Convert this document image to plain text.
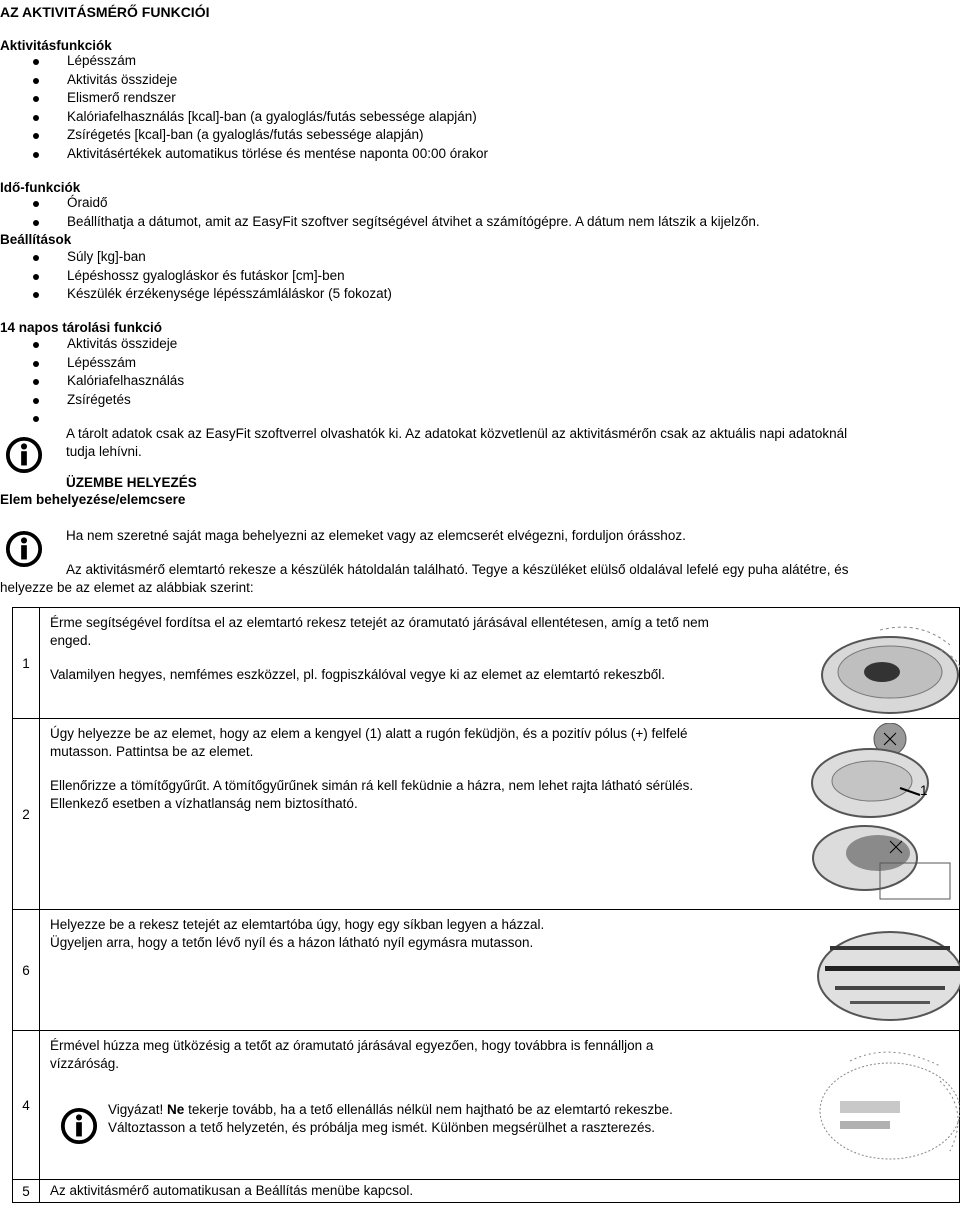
AZ AKTIVITÁSMÉRŐ FUNKCIÓI
Aktivitásfunkciók
Lépésszám
Aktivitás összideje
Elismerő rendszer
Kalóriafelhasználás [kcal]-ban (a gyaloglás/futás sebessége alapján)
Zsírégetés [kcal]-ban (a gyaloglás/futás sebessége alapján)
Aktivitásértékek automatikus törlése és mentése naponta 00:00 órakor
Idő-funkciók
Óraidő
Beállíthatja a dátumot, amit az EasyFit szoftver segítségével átvihet a számítógépre. A dátum nem látszik a kijelzőn.
Beállítások
Súly [kg]-ban
Lépéshossz gyalogláskor és futáskor [cm]-ben
Készülék érzékenysége lépésszámláláskor (5 fokozat)
14 napos tárolási funkció
Aktivitás összideje
Lépésszám
Kalóriafelhasználás
Zsírégetés
A tárolt adatok csak az EasyFit szoftverrel olvashatók ki. Az adatokat közvetlenül az aktivitásmérőn csak az aktuális napi adatoknál
tudja lehívni.
ÜZEMBE HELYEZÉS
Elem behelyezése/elemcsere
Ha nem szeretné saját maga behelyezni az elemeket vagy az elemcserét elvégezni, forduljon órásshoz.
Az aktivitásmérő elemtartó rekesze a készülék hátoldalán található. Tegye a készüléket elülső oldalával lefelé egy puha alátétre, és
helyezze be az elemet az alábbiak szerint:
1	Érme segítségével fordítsa el az elemtartó rekesz tetejét az óramutató járásával ellentétesen, amíg a tető nem

enged.

Valamilyen hegyes, nemfémes eszközzel, pl. fogpiszkálóval vegye ki az elemet az elemtartó rekeszből.

2	Úgy helyezze be az elemet, hogy az elem a kengyel (1) alatt a rugón feküdjön, és a pozitív pólus (+) felfelé

mutasson. Pattintsa be az elemet.

Ellenőrizze a tömítőgyűrűt. A tömítőgyűrűnek simán rá kell feküdnie a házra, nem lehet rajta látható sérülés.

Ellenkező esetben a vízhatlanság nem biztosítható.

1

6	Helyezze be a rekesz tetejét az elemtartóba úgy, hogy egy síkban legyen a házzal.

Ügyeljen arra, hogy a tetőn lévő nyíl és a házon látható nyíl egymásra mutasson.

4	Érmével húzza meg ütközésig a tetőt az óramutató járásával egyezően, hogy továbbra is fennálljon a

vízzáróság.

Vigyázat! Ne tekerje tovább, ha a tető ellenállás nélkül nem hajtható be az elemtartó rekeszbe.

Változtasson a tető helyzetén, és próbálja meg ismét. Különben megsérülhet a raszterezés.

5	Az aktivitásmérő automatikusan a Beállítás menübe kapcsol.
